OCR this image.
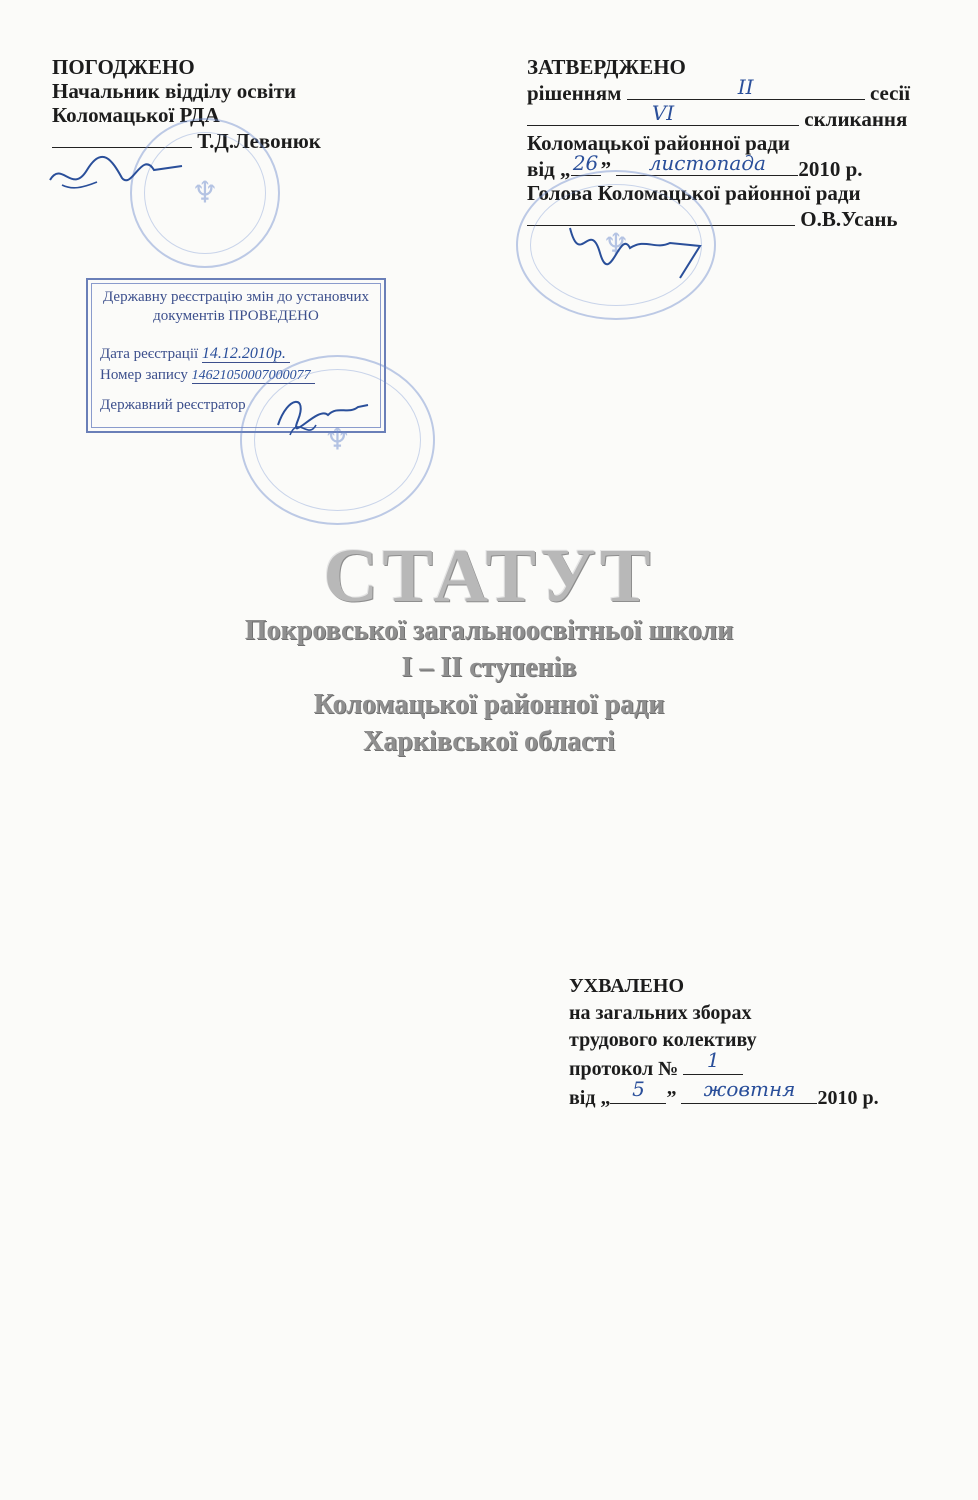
ПОГОДЖЕНО
Начальник відділу освіти
Коломацької РДА
Т.Д.Левонюк
♆
ЗАТВЕРДЖЕНО
рішенням	II	сесії
VI	скликання
Коломацької районної ради
від „ 26 ”	листопада	2010 р.
Голова Коломацької районної ради
О.В.Усань
♆
Державну реєстрацію змін до установчих
документів ПРОВЕДЕНО
Дата реєстрації 14.12.2010р.
Номер запису 14621050007000077
Державний реєстратор
♆
СТАТУТ
Покровської загальноосвітньої школи
І – ІІ ступенів
Коломацької районної ради
Харківської області
УХВАЛЕНО
на загальних зборах
трудового колективу
протокол №	1
від „	5	”	жовтня	2010 р.
